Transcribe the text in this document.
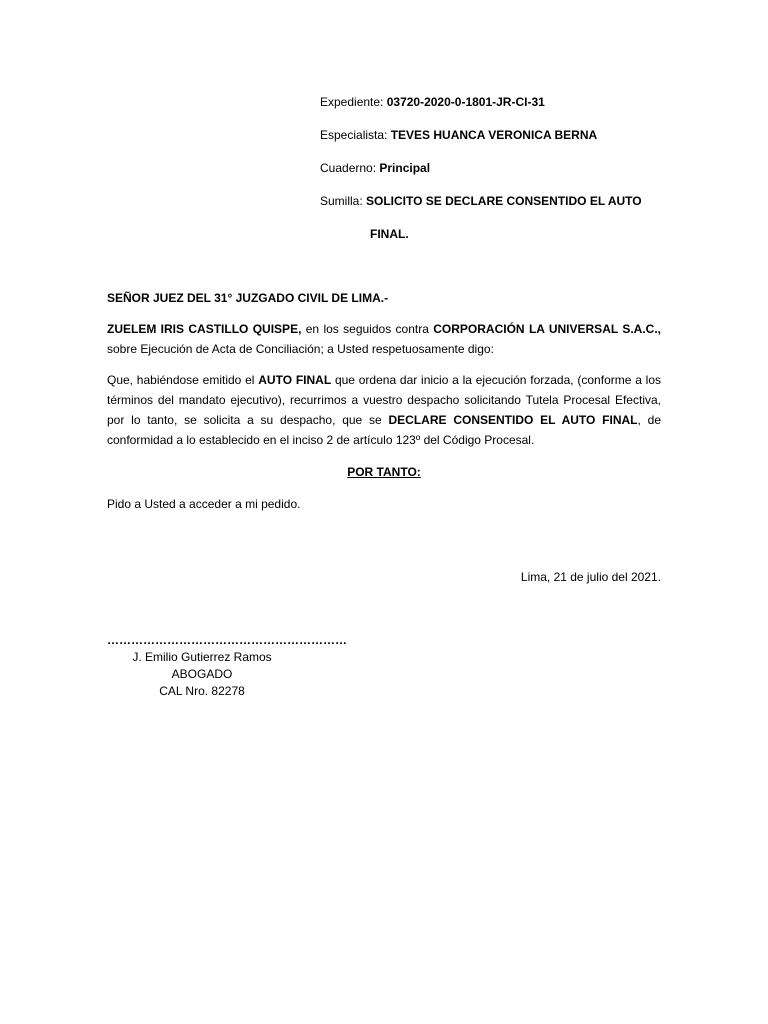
Expediente: 03720-2020-0-1801-JR-CI-31
Especialista: TEVES HUANCA VERONICA BERNA
Cuaderno: Principal
Sumilla: SOLICITO SE DECLARE CONSENTIDO EL AUTO
FINAL.

SEÑOR JUEZ DEL 31° JUZGADO CIVIL DE LIMA.-

ZUELEM IRIS CASTILLO QUISPE, en los seguidos contra CORPORACIÓN LA UNIVERSAL S.A.C., sobre Ejecución de Acta de Conciliación; a Usted respetuosamente digo:

Que, habiéndose emitido el AUTO FINAL que ordena dar inicio a la ejecución forzada, (conforme a los términos del mandato ejecutivo), recurrimos a vuestro despacho solicitando Tutela Procesal Efectiva, por lo tanto, se solicita a su despacho, que se DECLARE CONSENTIDO EL AUTO FINAL, de conformidad a lo establecido en el inciso 2 de artículo 123º del Código Procesal.

POR TANTO:

Pido a Usted a acceder a mi pedido.

Lima, 21 de julio del 2021.
……………………………………………………
J. Emilio Gutierrez Ramos
ABOGADO
CAL Nro. 82278
